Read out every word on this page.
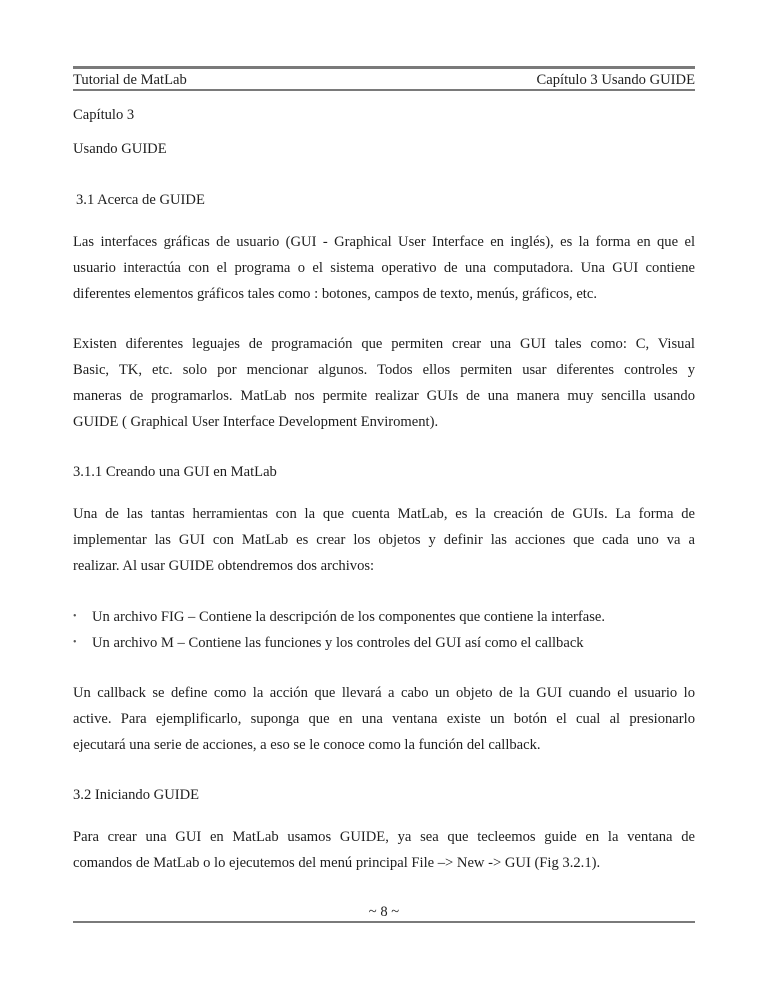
Tutorial de MatLab	Capítulo 3 Usando GUIDE
Capítulo 3
Usando GUIDE
3.1 Acerca de GUIDE
Las interfaces gráficas de usuario (GUI - Graphical User Interface en inglés), es la forma en que el
usuario interactúa con el programa o el sistema operativo de una computadora. Una GUI contiene
diferentes elementos gráficos tales como : botones, campos de texto, menús, gráficos, etc.
Existen diferentes leguajes de programación que permiten crear una GUI tales como: C, Visual
Basic, TK, etc. solo por mencionar algunos. Todos ellos permiten usar diferentes controles y
maneras de programarlos. MatLab nos permite realizar GUIs de una manera muy sencilla usando
GUIDE ( Graphical User Interface Development Enviroment).
Una de las tantas herramientas con la que cuenta MatLab, es la creación de GUIs. La forma de
implementar las GUI con MatLab es crear los objetos y definir las acciones que cada uno va a
realizar. Al usar GUIDE obtendremos dos archivos:
Un callback se define como la acción que llevará a cabo un objeto de la GUI cuando el usuario lo
active. Para ejemplificarlo, suponga que en una ventana existe un botón el cual al presionarlo
ejecutará una serie de acciones, a eso se le conoce como la función del callback.
Para crear una GUI en MatLab usamos GUIDE, ya sea que tecleemos guide en la ventana de
comandos de MatLab o lo ejecutemos del menú principal File –> New -> GUI (Fig 3.2.1).
•	Un archivo FIG – Contiene la descripción de los componentes que contiene la interfase.
•	Un archivo M – Contiene las funciones y los controles del GUI así como el callback
3.1.1 Creando una GUI en MatLab
3.2 Iniciando GUIDE
~ 8 ~
